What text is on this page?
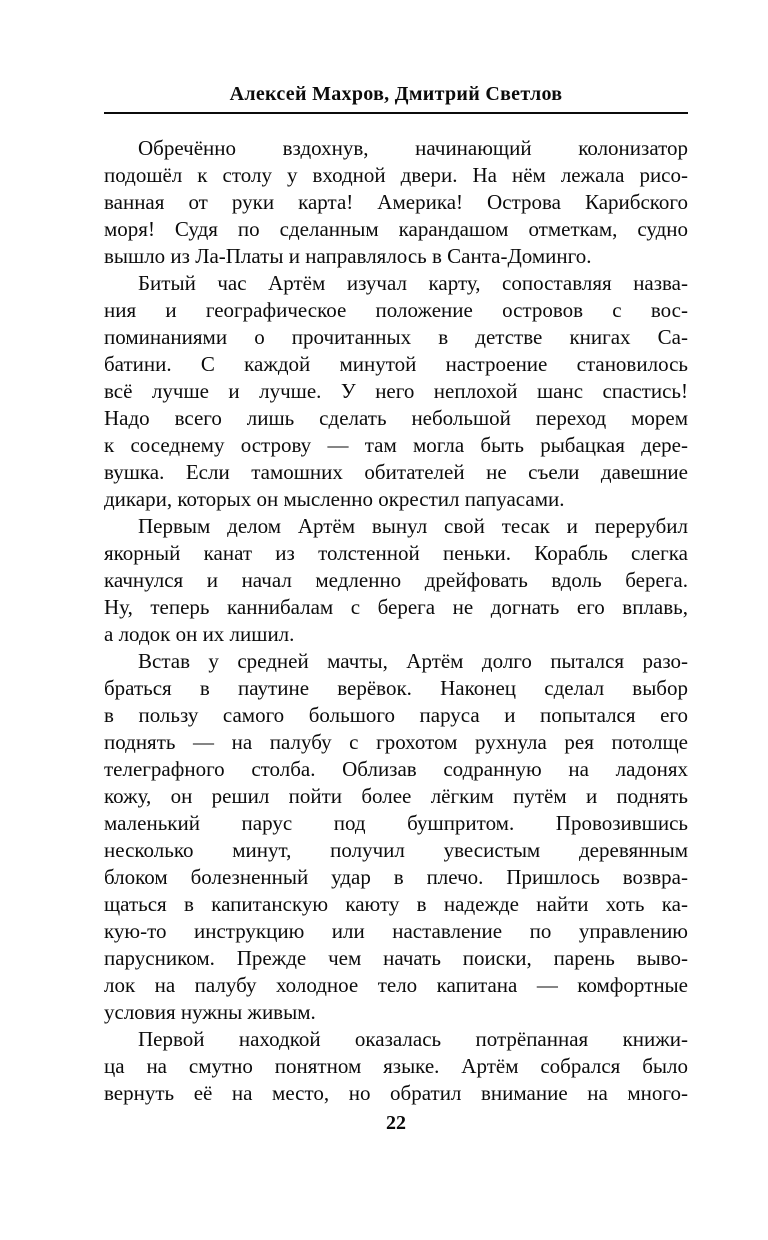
Алексей Махров, Дмитрий Светлов
Обречённо вздохнув, начинающий колонизатор
подошёл к столу у входной двери. На нём лежала рисо-
ванная от руки карта! Америка! Острова Карибского
моря! Судя по сделанным карандашом отметкам, судно
вышло из Ла-Платы и направлялось в Санта-Доминго.
Битый час Артём изучал карту, сопоставляя назва-
ния и географическое положение островов с вос-
поминаниями о прочитанных в детстве книгах Са-
батини. С каждой минутой настроение становилось
всё лучше и лучше. У него неплохой шанс спастись!
Надо всего лишь сделать небольшой переход морем
к соседнему острову — там могла быть рыбацкая дере-
вушка. Если тамошних обитателей не съели давешние
дикари, которых он мысленно окрестил папуасами.
Первым делом Артём вынул свой тесак и перерубил
якорный канат из толстенной пеньки. Корабль слегка
качнулся и начал медленно дрейфовать вдоль берега.
Ну, теперь каннибалам с берега не догнать его вплавь,
а лодок он их лишил.
Встав у средней мачты, Артём долго пытался разо-
браться в паутине верёвок. Наконец сделал выбор
в пользу самого большого паруса и попытался его
поднять — на палубу с грохотом рухнула рея потолще
телеграфного столба. Облизав содранную на ладонях
кожу, он решил пойти более лёгким путём и поднять
маленький парус под бушпритом. Провозившись
несколько минут, получил увесистым деревянным
блоком болезненный удар в плечо. Пришлось возвра-
щаться в капитанскую каюту в надежде найти хоть ка-
кую-то инструкцию или наставление по управлению
парусником. Прежде чем начать поиски, парень выво-
лок на палубу холодное тело капитана — комфортные
условия нужны живым.
Первой находкой оказалась потрёпанная книжи-
ца на смутно понятном языке. Артём собрался было
вернуть её на место, но обратил внимание на много-
22
